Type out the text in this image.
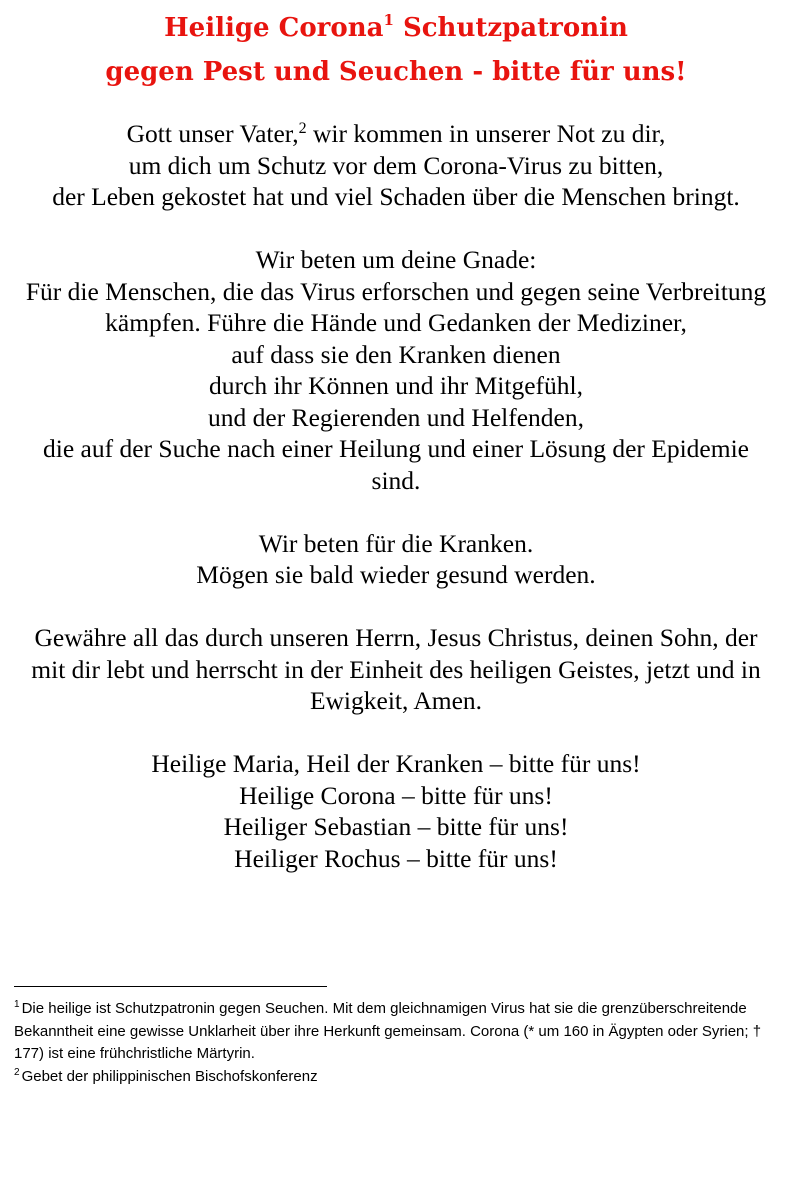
Heilige Corona$^1$ Schutzpatronin
gegen Pest und Seuchen - bitte für uns!

Gott unser Vater,$^2$ wir kommen in unserer Not zu dir,
um dich um Schutz vor dem Corona-Virus zu bitten,
der Leben gekostet hat und viel Schaden über die Menschen bringt.

Wir beten um deine Gnade:
Für die Menschen, die das Virus erforschen und gegen seine Verbreitung kämpfen. Führe die Hände und Gedanken der Mediziner,
auf dass sie den Kranken dienen
durch ihr Können und ihr Mitgefühl,
und der Regierenden und Helfenden,
die auf der Suche nach einer Heilung und einer Lösung der Epidemie sind.

Wir beten für die Kranken.
Mögen sie bald wieder gesund werden.

Gewähre all das durch unseren Herrn, Jesus Christus, deinen Sohn, der mit dir lebt und herrscht in der Einheit des heiligen Geistes, jetzt und in Ewigkeit, Amen.

Heilige Maria, Heil der Kranken – bitte für uns!
Heilige Corona – bitte für uns!
Heiliger Sebastian – bitte für uns!
Heiliger Rochus – bitte für uns!

$^1$ Die heilige ist Schutzpatronin gegen Seuchen. Mit dem gleichnamigen Virus hat sie die grenzüberschreitende Bekanntheit eine gewisse Unklarheit über ihre Herkunft gemeinsam. Corona (* um 160 in Ägypten oder Syrien; † 177) ist eine frühchristliche Märtyrin.

$^2$ Gebet der philippinischen Bischofskonferenz
